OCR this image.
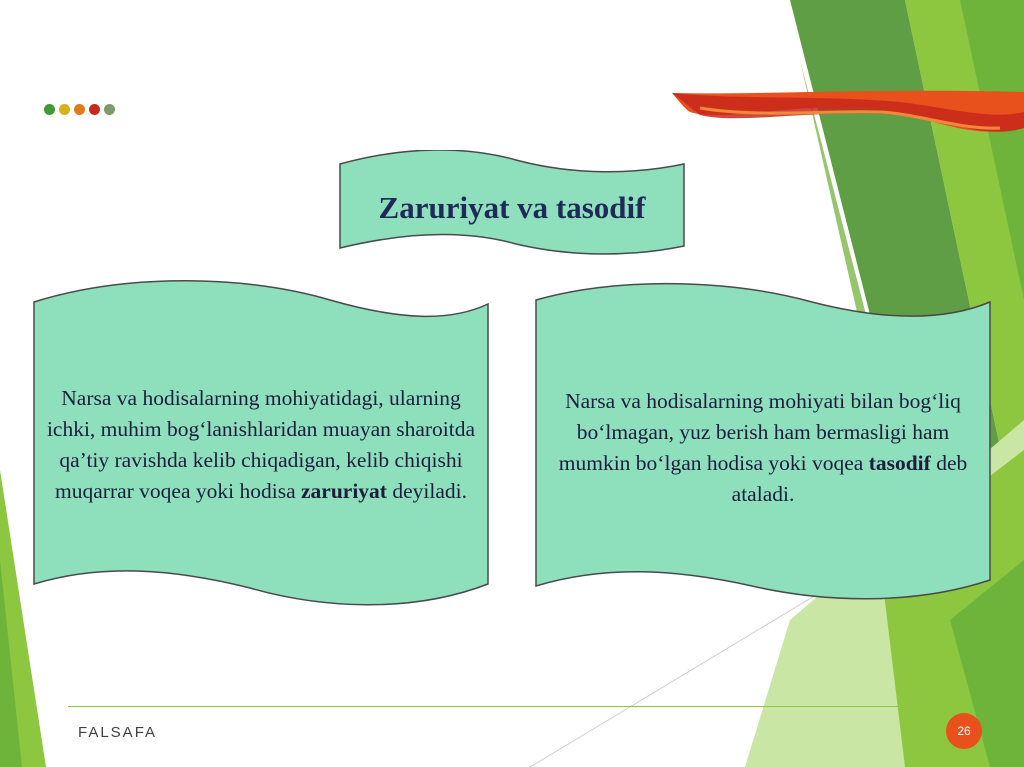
Zaruriyat va tasodif
Narsa va hodisalarning mohiyatidagi, ularning ichki, muhim bog‘lanishlaridan muayan sharoitda qa’tiy ravishda kelib chiqadigan, kelib chiqishi muqarrar voqea yoki hodisa zaruriyat deyiladi.
Narsa va hodisalarning mohiyati bilan bog‘liq bo‘lmagan, yuz berish ham bermasligi ham mumkin bo‘lgan hodisa yoki voqea tasodif deb ataladi.
FALSAFA	26
